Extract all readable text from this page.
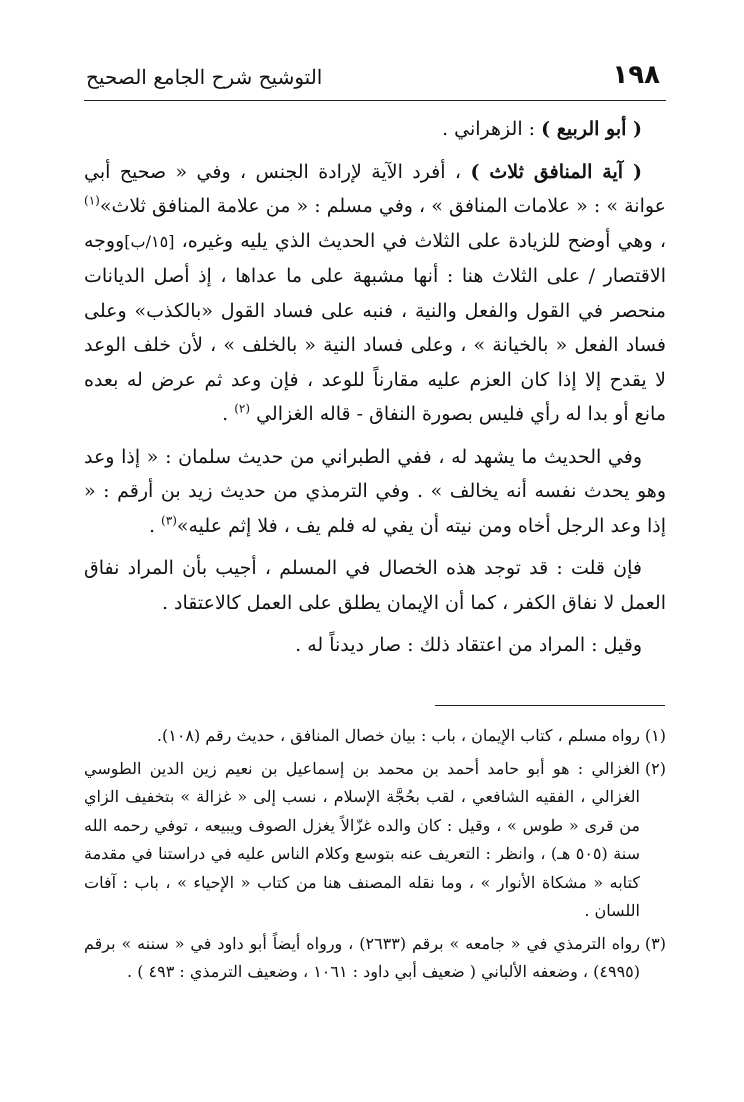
١٩٨
التوشيح شرح الجامع الصحيح

( أبو الربيع ) : الزهراني .

( آية المنافق ثلاث ) ، أفرد الآية لإرادة الجنس ، وفي « صحيح أبي عوانة » : « علامات المنافق » ، وفي مسلم : « من علامة المنافق ثلاث»$^{(١)}$ ، وهي أوضح للزيادة على الثلاث في الحديث الذي يليه وغيره، [١٥/ب]ووجه الاقتصار / على الثلاث هنا : أنها مشبهة على ما عداها ، إذ أصل الديانات منحصر في القول والفعل والنية ، فنبه على فساد القول «بالكذب» وعلى فساد الفعل « بالخيانة » ، وعلى فساد النية « بالخلف » ، لأن خلف الوعد لا يقدح إلا إذا كان العزم عليه مقارناً للوعد ، فإن وعد ثم عرض له بعده مانع أو بدا له رأي فليس بصورة النفاق - قاله الغزالي $^{(٢)}$ .

وفي الحديث ما يشهد له ، ففي الطبراني من حديث سلمان : « إذا وعد وهو يحدث نفسه أنه يخالف » . وفي الترمذي من حديث زيد بن أرقم : « إذا وعد الرجل أخاه ومن نيته أن يفي له فلم يف ، فلا إثم عليه»$^{(٣)}$ .

فإن قلت : قد توجد هذه الخصال في المسلم ، أجيب بأن المراد نفاق العمل لا نفاق الكفر ، كما أن الإيمان يطلق على العمل كالاعتقاد .

وقيل : المراد من اعتقاد ذلك : صار ديدناً له .

(١)
رواه مسلم ، كتاب الإيمان ، باب : بيان خصال المنافق ، حديث رقم (١٠٨).
(٢)
الغزالي : هو أبو حامد أحمد بن محمد بن إسماعيل بن نعيم زين الدين الطوسي الغزالي ، الفقيه الشافعي ، لقب بحُجَّة الإسلام ، نسب إلى « غزالة » بتخفيف الزاي من قرى « طوس » ، وقيل : كان والده غزّالاً يغزل الصوف ويبيعه ، توفي رحمه الله سنة (٥٠٥ هـ) ، وانظر : التعريف عنه بتوسع وكلام الناس عليه في دراستنا في مقدمة كتابه « مشكاة الأنوار » ، وما نقله المصنف هنا من كتاب « الإحياء » ، باب : آفات اللسان .
(٣)
رواه الترمذي في « جامعه » برقم (٢٦٣٣) ، ورواه أيضاً أبو داود في « سننه » برقم (٤٩٩٥) ، وضعفه الألباني ( ضعيف أبي داود : ١٠٦١ ، وضعيف الترمذي : ٤٩٣ ) .
